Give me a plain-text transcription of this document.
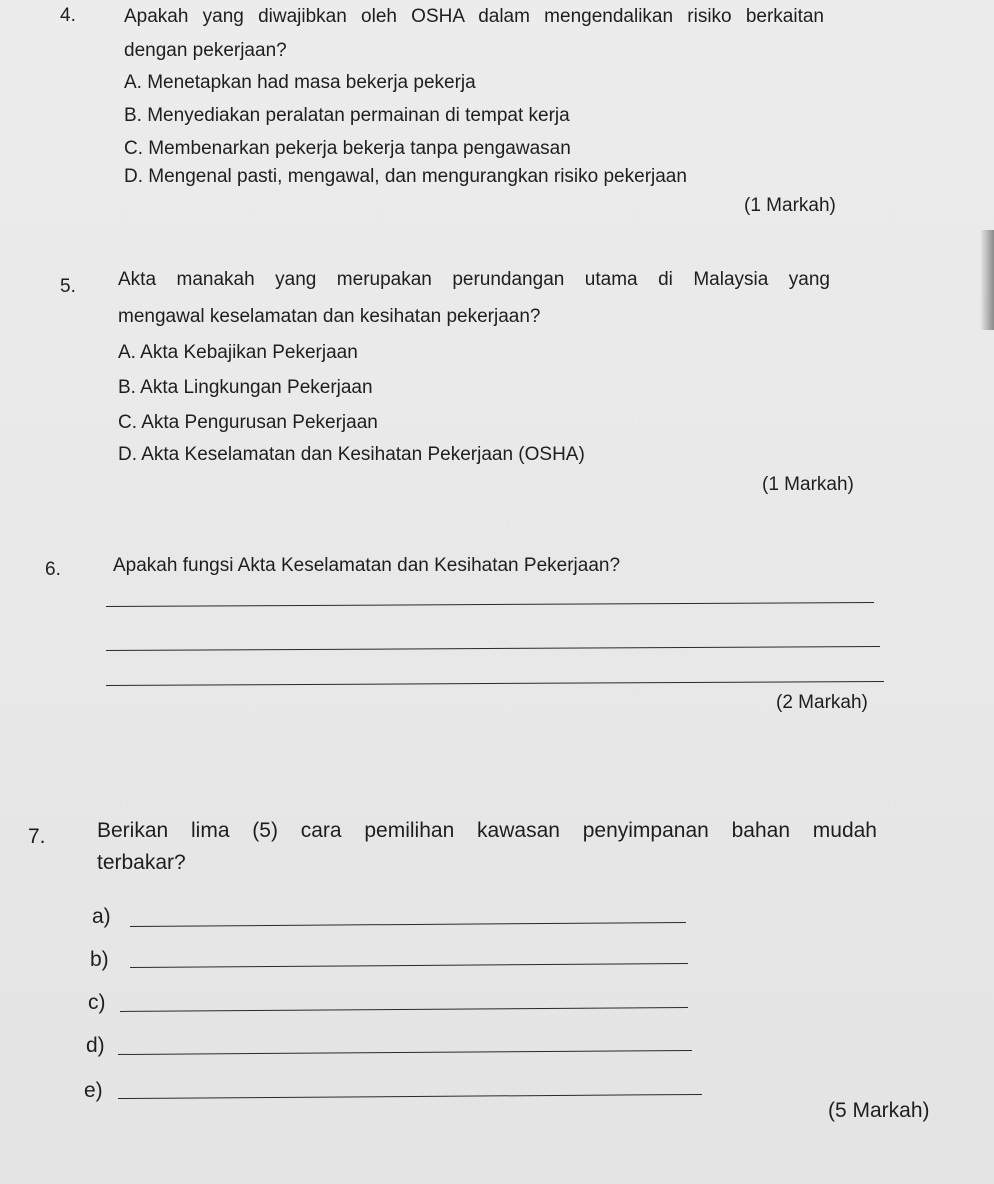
4.	Apakah yang diwajibkan oleh OSHA dalam mengendalikan risiko berkaitan
dengan pekerjaan?
A. Menetapkan had masa bekerja pekerja
B. Menyediakan peralatan permainan di tempat kerja
C. Membenarkan pekerja bekerja tanpa pengawasan
D. Mengenal pasti, mengawal, dan mengurangkan risiko pekerjaan
(1 Markah)
5. Akta manakah yang merupakan perundangan utama di Malaysia yang
mengawal keselamatan dan kesihatan pekerjaan?
A. Akta Kebajikan Pekerjaan
B. Akta Lingkungan Pekerjaan
C. Akta Pengurusan Pekerjaan
D. Akta Keselamatan dan Kesihatan Pekerjaan (OSHA)
(1 Markah)
6.	Apakah fungsi Akta Keselamatan dan Kesihatan Pekerjaan?
(2 Markah)
7. Berikan lima (5) cara pemilihan kawasan penyimpanan bahan mudah
terbakar?
a)
b)
c)
d)
e)
(5 Markah)
